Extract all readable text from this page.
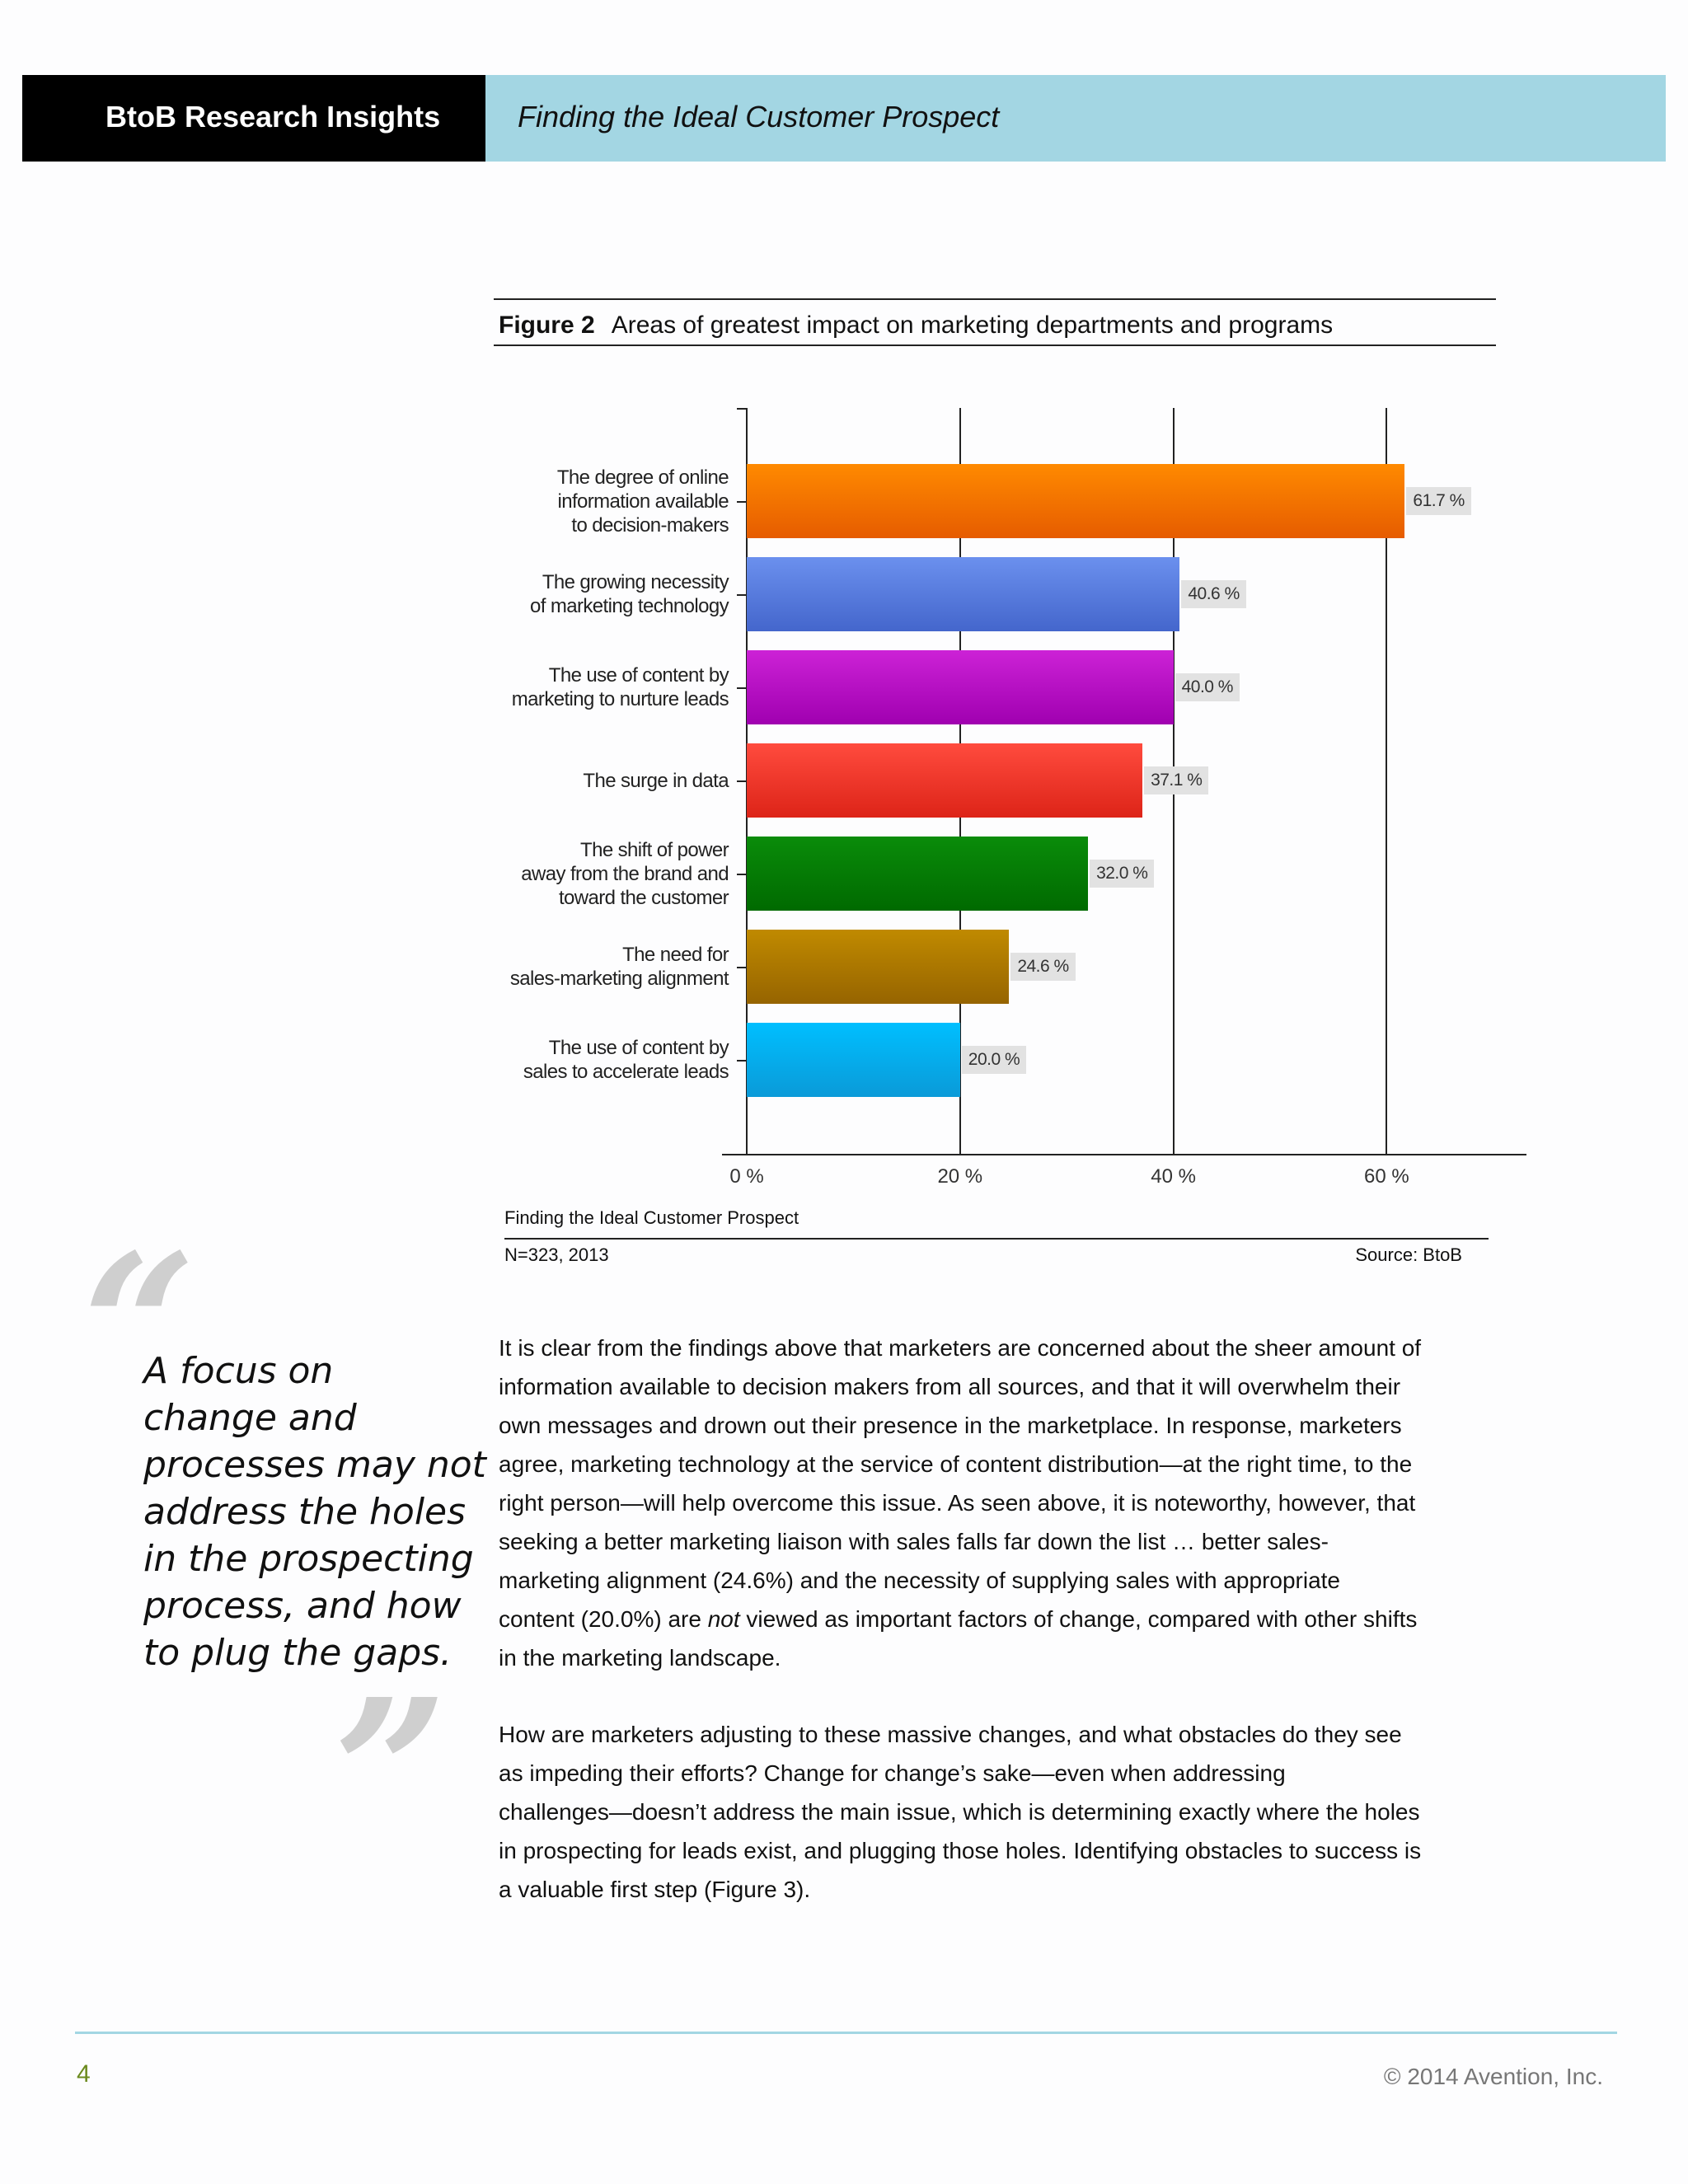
BtoB Research Insights	Finding the Ideal Customer Prospect
Figure 2 Areas of greatest impact on marketing departments and programs
0 %	20 %	40 %	60 %
61.7 %
The degree of online
information available
to decision-makers
40.6 %
The growing necessity
of marketing technology
40.0 %
The use of content by
marketing to nurture leads
37.1 %
The surge in data
32.0 %
The shift of power
away from the brand and
toward the customer
24.6 %
The need for
sales-marketing alignment
20.0 %
The use of content by
sales to accelerate leads
Finding the Ideal Customer Prospect
N=323, 2013	Source: BtoB
“
A focus on
change and
processes may not
address the holes
in the prospecting
process, and how
to plug the gaps.
”
It is clear from the findings above that marketers are concerned about the sheer amount of
information available to decision makers from all sources, and that it will overwhelm their
own messages and drown out their presence in the marketplace. In response, marketers
agree, marketing technology at the service of content distribution—at the right time, to the
right person—will help overcome this issue. As seen above, it is noteworthy, however, that
seeking a better marketing liaison with sales falls far down the list … better sales-
marketing alignment (24.6%) and the necessity of supplying sales with appropriate
content (20.0%) are not viewed as important factors of change, compared with other shifts
in the marketing landscape.
How are marketers adjusting to these massive changes, and what obstacles do they see
as impeding their efforts? Change for change’s sake—even when addressing
challenges—doesn’t address the main issue, which is determining exactly where the holes
in prospecting for leads exist, and plugging those holes. Identifying obstacles to success is
a valuable first step (Figure 3).
4	© 2014 Avention, Inc.
